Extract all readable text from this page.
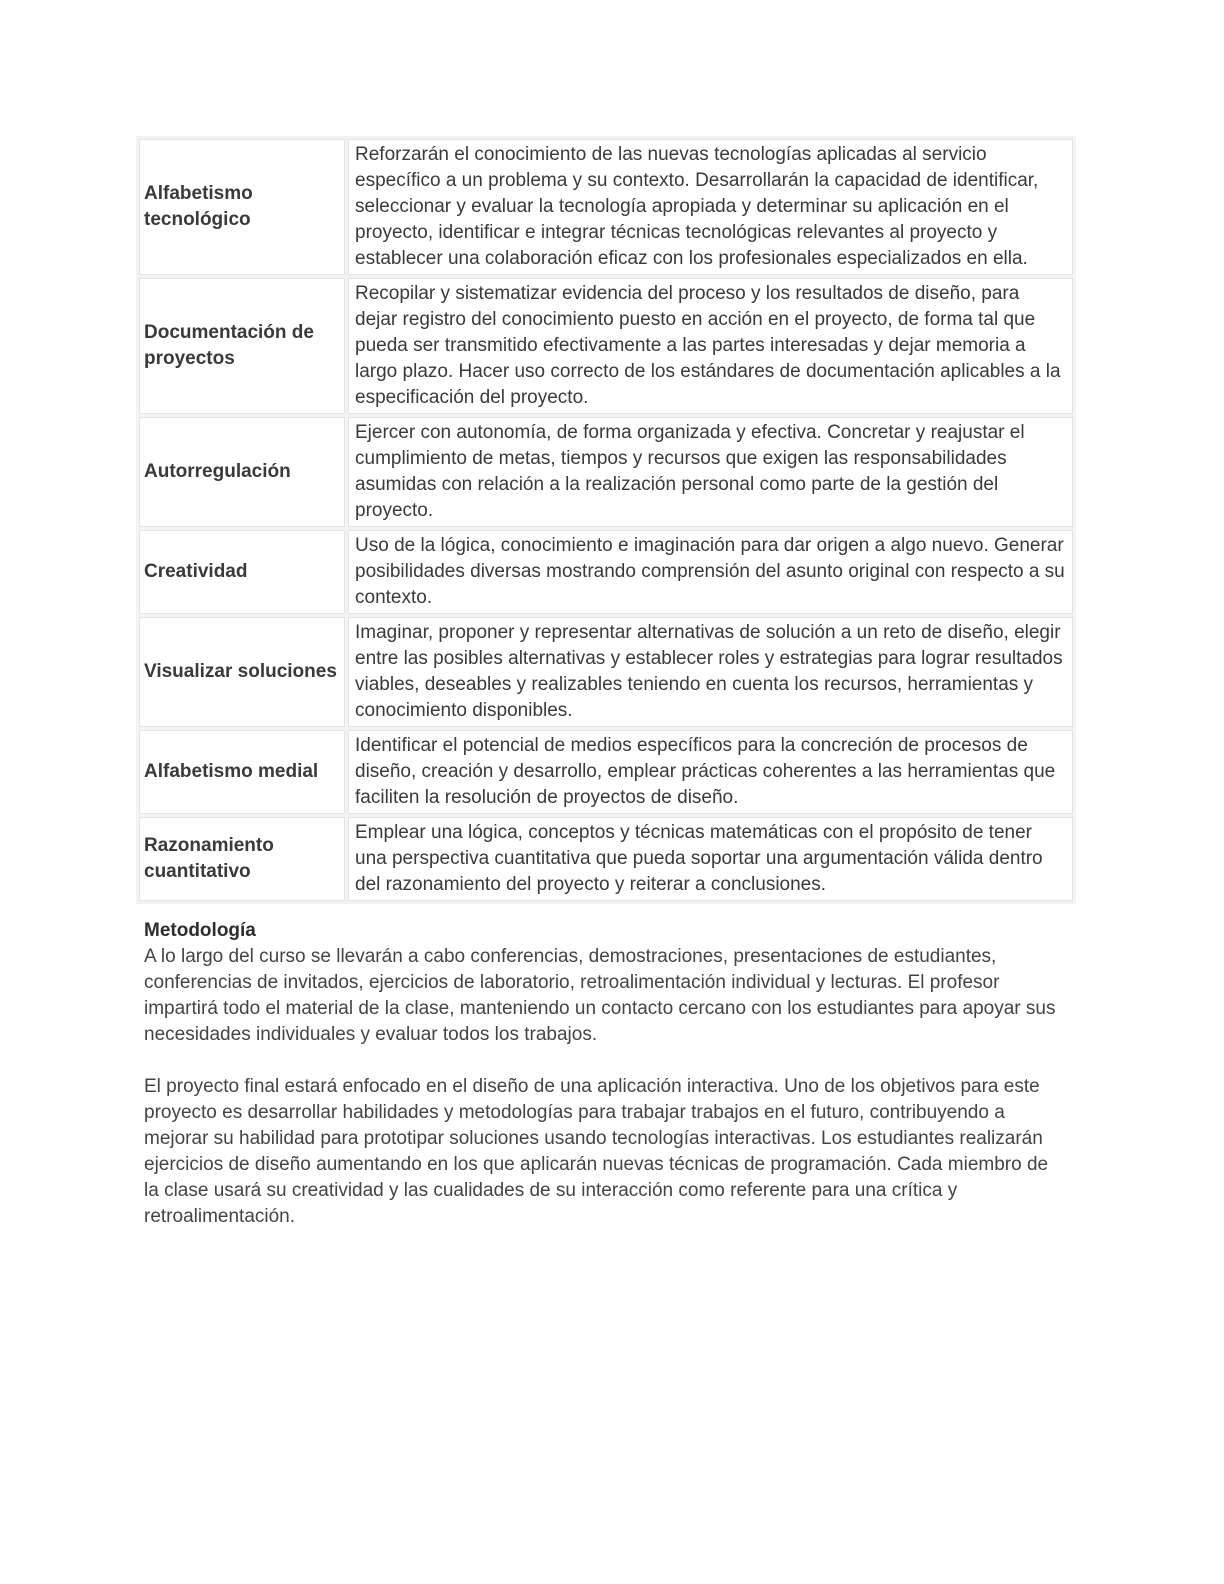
Alfabetismo tecnológico	Reforzarán el conocimiento de las nuevas tecnologías aplicadas al servicio específico a un problema y su contexto. Desarrollarán la capacidad de identificar, seleccionar y evaluar la tecnología apropiada y determinar su aplicación en el proyecto, identificar e integrar técnicas tecnológicas relevantes al proyecto y establecer una colaboración eficaz con los profesionales especializados en ella.
Documentación de proyectos	Recopilar y sistematizar evidencia del proceso y los resultados de diseño, para dejar registro del conocimiento puesto en acción en el proyecto, de forma tal que pueda ser transmitido efectivamente a las partes interesadas y dejar memoria a largo plazo. Hacer uso correcto de los estándares de documentación aplicables a la especificación del proyecto.
Autorregulación	Ejercer con autonomía, de forma organizada y efectiva. Concretar y reajustar el cumplimiento de metas, tiempos y recursos que exigen las responsabilidades asumidas con relación a la realización personal como parte de la gestión del proyecto.
Creatividad	Uso de la lógica, conocimiento e imaginación para dar origen a algo nuevo. Generar posibilidades diversas mostrando comprensión del asunto original con respecto a su contexto.
Visualizar soluciones	Imaginar, proponer y representar alternativas de solución a un reto de diseño, elegir entre las posibles alternativas y establecer roles y estrategias para lograr resultados viables, deseables y realizables teniendo en cuenta los recursos, herramientas y conocimiento disponibles.
Alfabetismo medial	Identificar el potencial de medios específicos para la concreción de procesos de diseño, creación y desarrollo, emplear prácticas coherentes a las herramientas que faciliten la resolución de proyectos de diseño.
Razonamiento cuantitativo	Emplear una lógica, conceptos y técnicas matemáticas con el propósito de tener una perspectiva cuantitativa que pueda soportar una argumentación válida dentro del razonamiento del proyecto y reiterar a conclusiones.
Metodología

A lo largo del curso se llevarán a cabo conferencias, demostraciones, presentaciones de estudiantes, conferencias de invitados, ejercicios de laboratorio, retroalimentación individual y lecturas. El profesor impartirá todo el material de la clase, manteniendo un contacto cercano con los estudiantes para apoyar sus necesidades individuales y evaluar todos los trabajos.

El proyecto final estará enfocado en el diseño de una aplicación interactiva. Uno de los objetivos para este proyecto es desarrollar habilidades y metodologías para trabajar trabajos en el futuro, contribuyendo a mejorar su habilidad para prototipar soluciones usando tecnologías interactivas. Los estudiantes realizarán ejercicios de diseño aumentando en los que aplicarán nuevas técnicas de programación. Cada miembro de la clase usará su creatividad y las cualidades de su interacción como referente para una crítica y retroalimentación.
